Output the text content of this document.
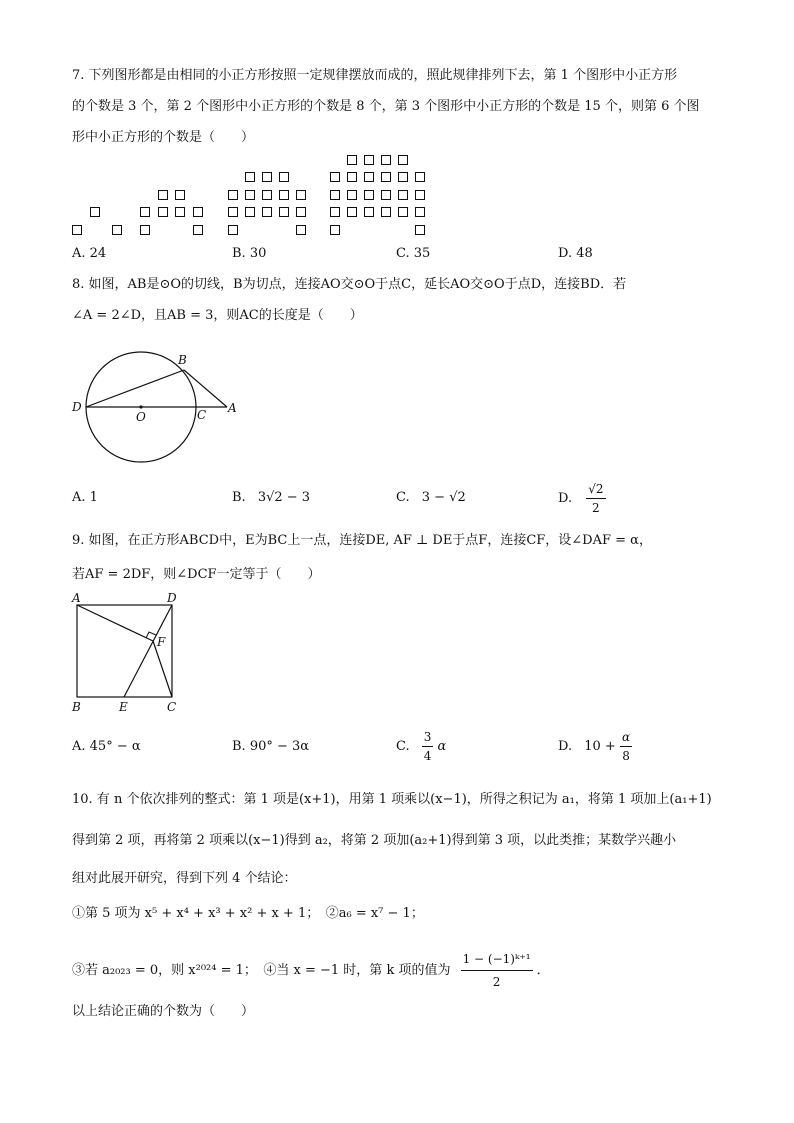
7. 下列图形都是由相同的小正方形按照一定规律摆放而成的，照此规律排列下去，第 1 个图形中小正方形
的个数是 3 个，第 2 个图形中小正方形的个数是 8 个，第 3 个图形中小正方形的个数是 15 个，则第 6 个图
形中小正方形的个数是（　　）
A. 24	B. 30	C. 35	D. 48
8. 如图，AB是⊙O的切线，B为切点，连接AO交⊙O于点C，延长AO交⊙O于点D，连接BD．若
∠A = 2∠D，且AB = 3，则AC的长度是（　　）
B
D
O	C A
A. 1	B. 3√2 − 3	C. 3 − √2	D. $\frac{√2}{2}$
9. 如图，在正方形ABCD中，E为BC上一点，连接DE, AF ⊥ DE于点F，连接CF，设∠DAF = α，
若AF = 2DF，则∠DCF一定等于（　　）
A	D
F
B	E	C
A. 45° − α	B. 90° − 3α	C. $\frac{3}{4}$ α	D. $10 + \frac{\alpha}{8}$
10. 有 n 个依次排列的整式：第 1 项是(x+1)，用第 1 项乘以(x−1)，所得之积记为 a₁，将第 1 项加上(a₁+1)
得到第 2 项，再将第 2 项乘以(x−1)得到 a₂，将第 2 项加(a₂+1)得到第 3 项，以此类推；某数学兴趣小
组对此展开研究，得到下列 4 个结论：
①第 5 项为 x⁵ + x⁴ + x³ + x² + x + 1；　②a₆ = x⁷ − 1；
③若 a₂₀₂₃ = 0，则 x²⁰²⁴ = 1；　④当 x = −1 时，第 k 项的值为 $\frac{\text{1 − (−1)ᵏ⁺¹}}{2}$ ．
以上结论正确的个数为（　　）
